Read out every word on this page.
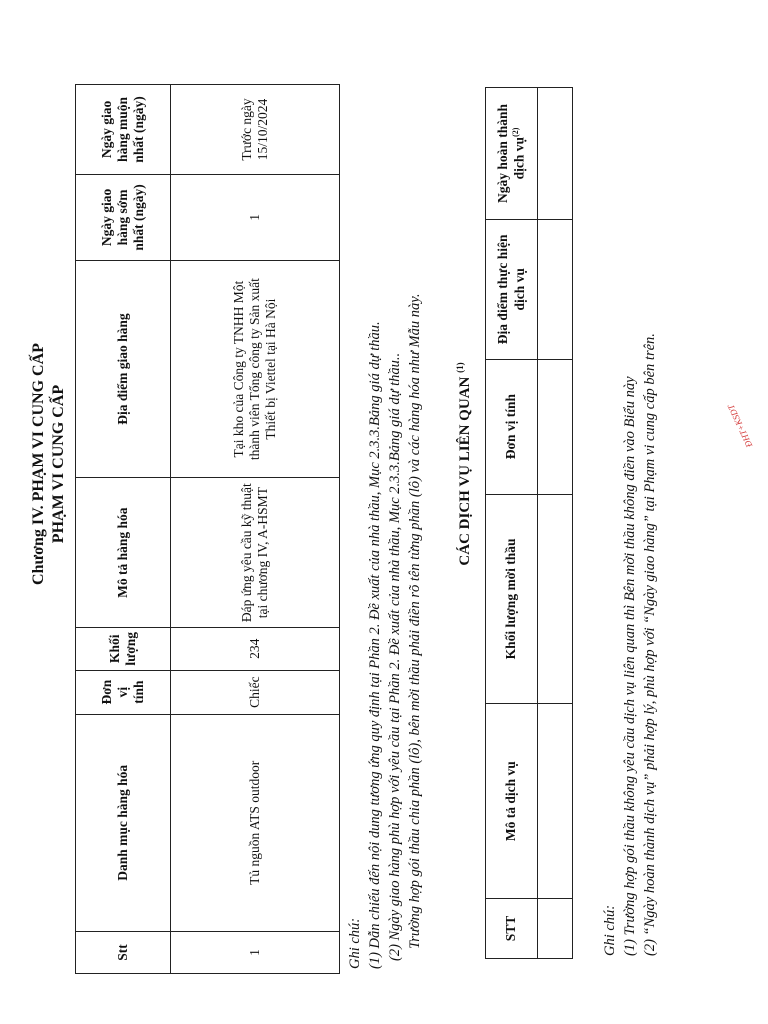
Chương IV. PHẠM VI CUNG CẤP PHẠM VI CUNG CẤP
Stt	Danh mục hàng hóa	Đơn vị tính	Khối lượng	Mô tả hàng hóa	Địa điểm giao hàng	Ngày giao hàng sớm nhất (ngày)	Ngày giao hàng muộn nhất (ngày)
1	Tủ nguồn ATS outdoor	Chiếc	234	Đáp ứng yêu cầu kỹ thuật tại chương IV, A-HSMT	Tại kho của Công ty TNHH Một thành viên Tổng công ty Sản xuất Thiết bị Viettel tại Hà Nội	1	Trước ngày 15/10/2024
Ghi chú: (1) Dẫn chiếu đến nội dung tương ứng quy định tại Phần 2. Đề xuất của nhà thầu, Mục 2.3.3.Bảng giá dự thầu. (2) Ngày giao hàng phù hợp với yêu cầu tại Phần 2. Đề xuất của nhà thầu, Mục 2.3.3.Bảng giá dự thầu.. Trường hợp gói thầu chia phần (lô), bên mời thầu phải điền rõ tên từng phần (lô) và các hàng hóa như Mẫu này. CÁC DỊCH VỤ LIÊN QUAN $^{(1)}$
STT	Mô tả dịch vụ	Khối lượng mời thầu	Đơn vị tính	Địa điểm thực hiện dịch vụ	Ngày hoàn thành dịch vụ$^{(2)}$

Ghi chú: (1) Trường hợp gói thầu không yêu cầu dịch vụ liên quan thì Bên mời thầu không điền vào Biểu này (2) “Ngày hoàn thành dịch vụ” phải hợp lý, phù hợp với “Ngày giao hàng” tại Phạm vi cung cấp bên trên.	ĐHT+KSDT
